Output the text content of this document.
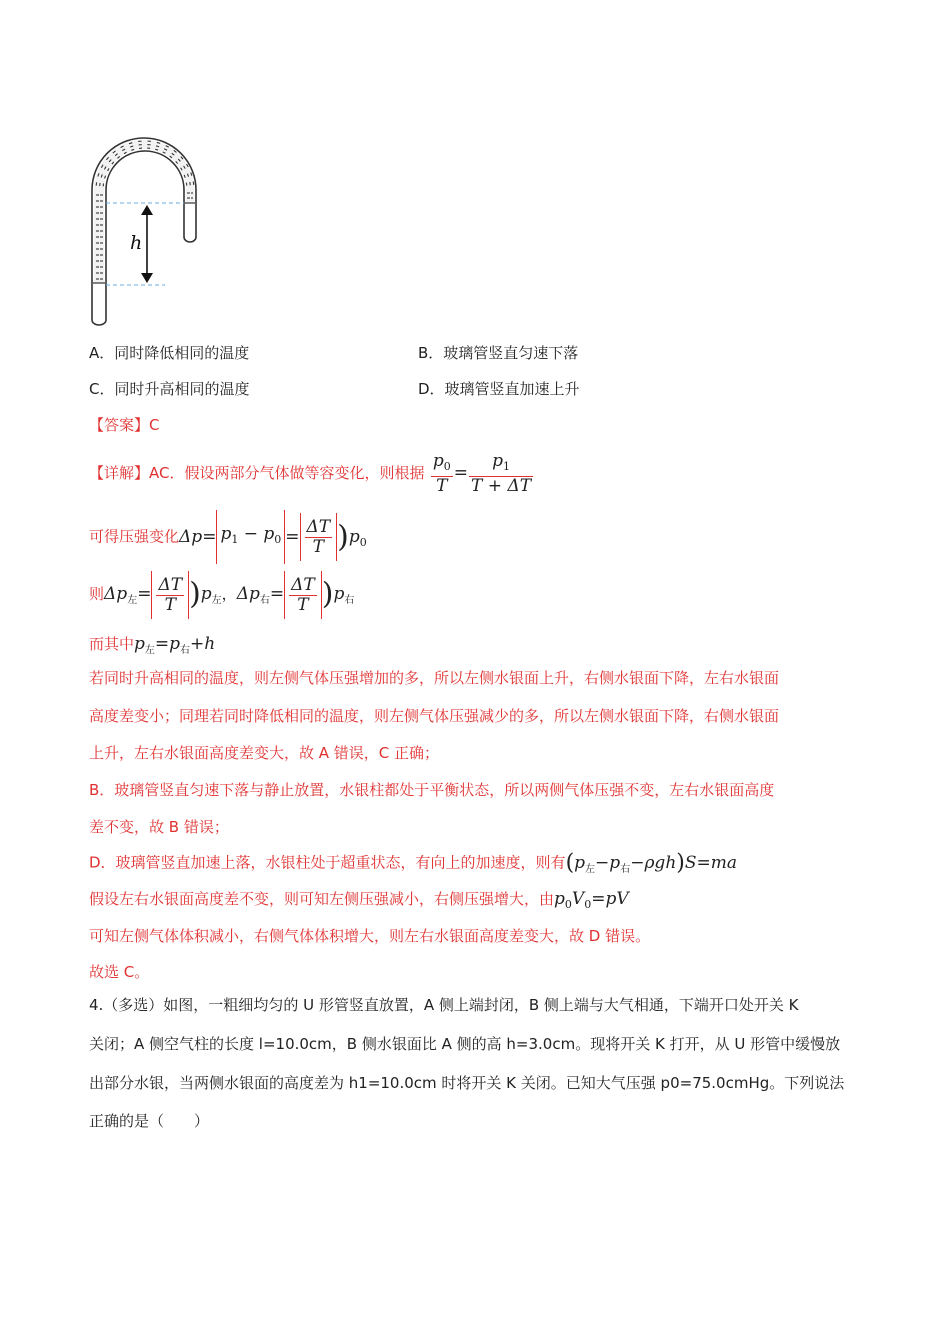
h
A．同时降低相同的温度	B．玻璃管竖直匀速下落
C．同时升高相同的温度	D．玻璃管竖直加速上升
【答案】C
【详解】AC．假设两部分气体做等容变化，则根据 $\frac{p_0}{T} = \frac{p_1}{T + \Delta T}$
可得压强变化$\Delta p= p_1 - p_0 = \frac{\Delta T}{T} )p_0$
则$\Delta p_左= \frac{\Delta T}{T} )p_左$，$\Delta p_右= \frac{\Delta T}{T} )p_右$
而其中$p_左=p_右+h$
若同时升高相同的温度，则左侧气体压强增加的多，所以左侧水银面上升，右侧水银面下降，左右水银面
高度差变小；同理若同时降低相同的温度，则左侧气体压强减少的多，所以左侧水银面下降，右侧水银面
上升，左右水银面高度差变大，故 A 错误，C 正确；
B．玻璃管竖直匀速下落与静止放置，水银柱都处于平衡状态，所以两侧气体压强不变，左右水银面高度
差不变，故 B 错误；
D．玻璃管竖直加速上落，水银柱处于超重状态，有向上的加速度，则有$(p_左-p_右-\rho gh)S=ma$
假设左右水银面高度差不变，则可知左侧压强减小，右侧压强增大，由$p_0V_0=pV$
可知左侧气体体积减小，右侧气体体积增大，则左右水银面高度差变大，故 D 错误。
故选 C。
4.（多选）如图，一粗细均匀的 U 形管竖直放置，A 侧上端封闭，B 侧上端与大气相通，下端开口处开关 K
关闭；A 侧空气柱的长度 l=10.0cm，B 侧水银面比 A 侧的高 h=3.0cm。现将开关 K 打开，从 U 形管中缓慢放
出部分水银，当两侧水银面的高度差为 h1=10.0cm 时将开关 K 关闭。已知大气压强 p0=75.0cmHg。下列说法
正确的是（　　）
